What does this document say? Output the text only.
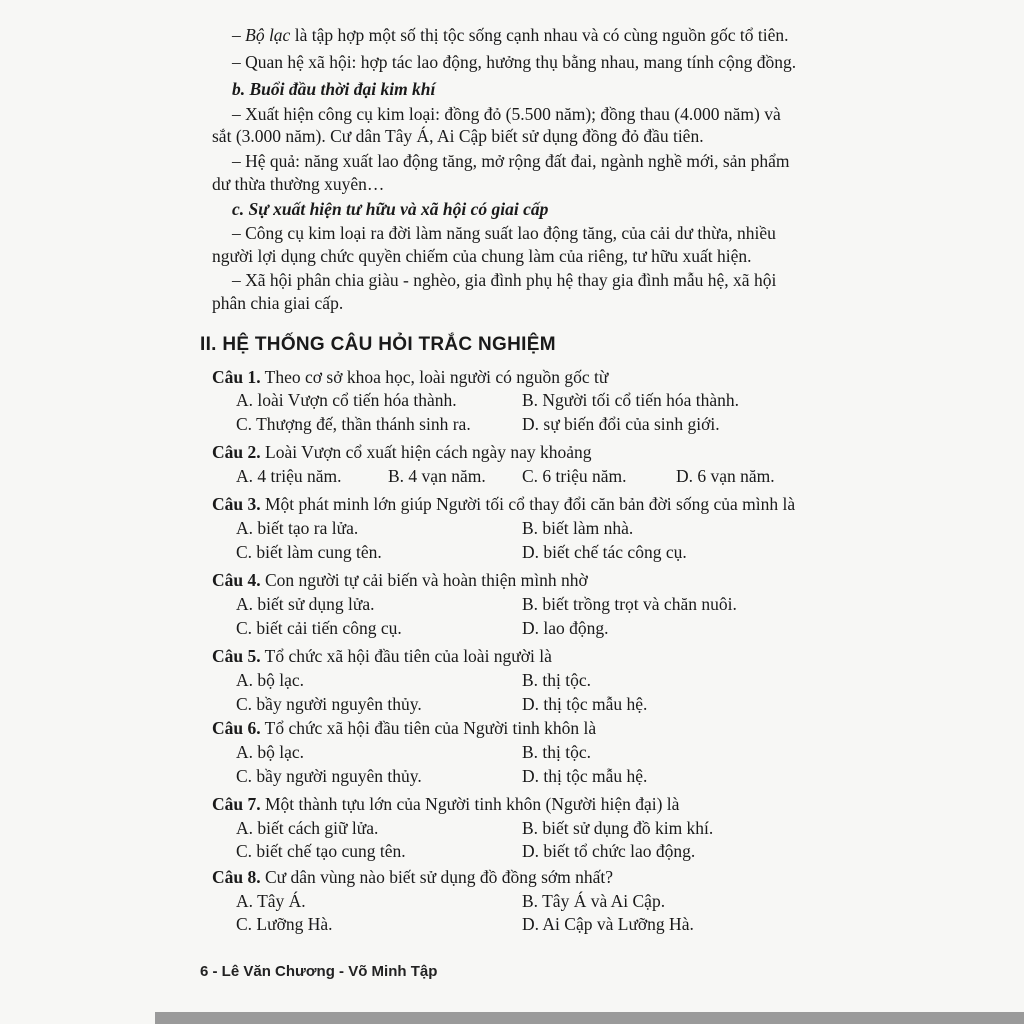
– Bộ lạc là tập hợp một số thị tộc sống cạnh nhau và có cùng nguồn gốc tổ tiên.
– Quan hệ xã hội: hợp tác lao động, hưởng thụ bằng nhau, mang tính cộng đồng.
b. Buổi đầu thời đại kim khí
– Xuất hiện công cụ kim loại: đồng đỏ (5.500 năm); đồng thau (4.000 năm) và
sắt (3.000 năm). Cư dân Tây Á, Ai Cập biết sử dụng đồng đỏ đầu tiên.
– Hệ quả: năng xuất lao động tăng, mở rộng đất đai, ngành nghề mới, sản phẩm
dư thừa thường xuyên…
c. Sự xuất hiện tư hữu và xã hội có giai cấp
– Công cụ kim loại ra đời làm năng suất lao động tăng, của cải dư thừa, nhiều
người lợi dụng chức quyền chiếm của chung làm của riêng, tư hữu xuất hiện.
– Xã hội phân chia giàu - nghèo, gia đình phụ hệ thay gia đình mẫu hệ, xã hội
phân chia giai cấp.
II. HỆ THỐNG CÂU HỎI TRẮC NGHIỆM
Câu 1. Theo cơ sở khoa học, loài người có nguồn gốc từ
A. loài Vượn cổ tiến hóa thành.	B. Người tối cổ tiến hóa thành.
C. Thượng đế, thần thánh sinh ra.	D. sự biến đổi của sinh giới.
Câu 2. Loài Vượn cổ xuất hiện cách ngày nay khoảng
A. 4 triệu năm.	B. 4 vạn năm. C. 6 triệu năm.	D. 6 vạn năm.
Câu 3. Một phát minh lớn giúp Người tối cổ thay đổi căn bản đời sống của mình là
A. biết tạo ra lửa.	B. biết làm nhà.
C. biết làm cung tên.	D. biết chế tác công cụ.
Câu 4. Con người tự cải biến và hoàn thiện mình nhờ
A. biết sử dụng lửa.	B. biết trồng trọt và chăn nuôi.
C. biết cải tiến công cụ.	D. lao động.
Câu 5. Tổ chức xã hội đầu tiên của loài người là
A. bộ lạc.	B. thị tộc.
C. bầy người nguyên thủy.	D. thị tộc mẫu hệ.
Câu 6. Tổ chức xã hội đầu tiên của Người tinh khôn là
A. bộ lạc.	B. thị tộc.
C. bầy người nguyên thủy.	D. thị tộc mẫu hệ.
Câu 7. Một thành tựu lớn của Người tinh khôn (Người hiện đại) là
A. biết cách giữ lửa.	B. biết sử dụng đồ kim khí.
C. biết chế tạo cung tên.	D. biết tổ chức lao động.
Câu 8. Cư dân vùng nào biết sử dụng đồ đồng sớm nhất?
A. Tây Á.	B. Tây Á và Ai Cập.
C. Lưỡng Hà.	D. Ai Cập và Lưỡng Hà.
6 - Lê Văn Chương - Võ Minh Tập
